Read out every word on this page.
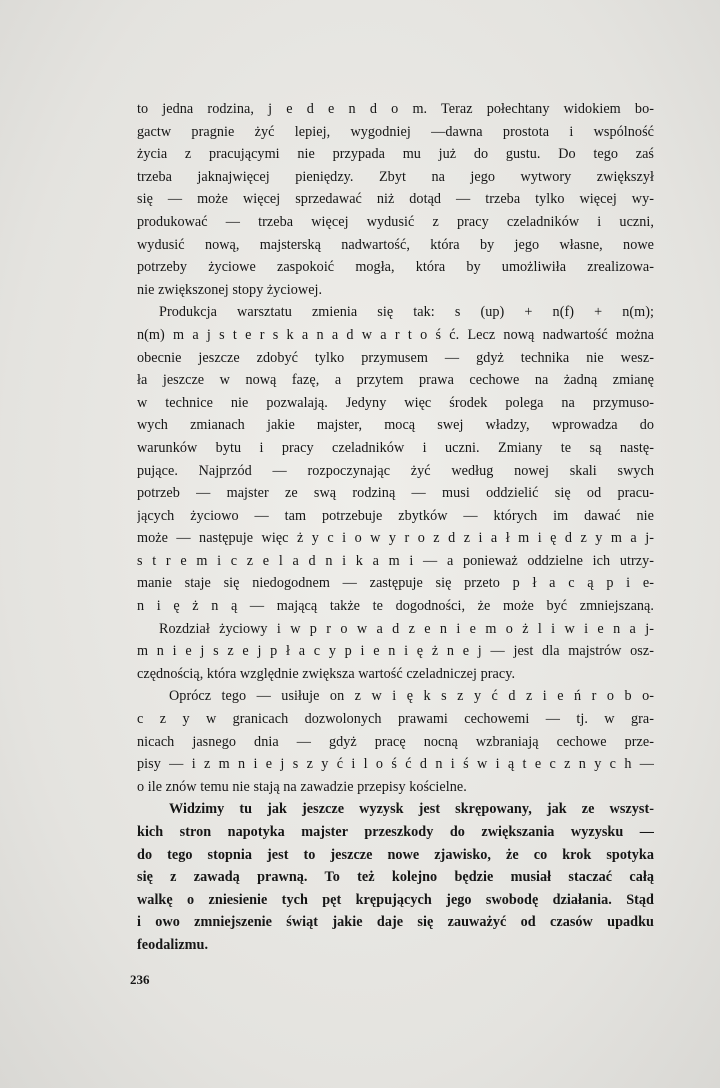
to jedna rodzina, j e d e n d o m. Teraz połechtany widokiem bo-
gactw pragnie żyć lepiej, wygodniej —dawna prostota i wspólność
życia z pracującymi nie przypada mu już do gustu. Do tego zaś
trzeba jaknajwięcej pieniędzy. Zbyt na jego wytwory zwiększył
się — może więcej sprzedawać niż dotąd — trzeba tylko więcej wy-
produkować — trzeba więcej wydusić z pracy czeladników i uczni,
wydusić nową, majsterską nadwartość, która by jego własne, nowe
potrzeby życiowe zaspokoić mogła, która by umożliwiła zrealizowa-
nie zwiększonej stopy życiowej.
Produkcja warsztatu zmienia się tak: s (up) + n(f) + n(m);
n(m) m a j s t e r s k a n a d w a r t o ś ć. Lecz nową nadwartość można
obecnie jeszcze zdobyć tylko przymusem — gdyż technika nie wesz-
ła jeszcze w nową fazę, a przytem prawa cechowe na żadną zmianę
w technice nie pozwalają. Jedyny więc środek polega na przymuso-
wych zmianach jakie majster, mocą swej władzy, wprowadza do
warunków bytu i pracy czeladników i uczni. Zmiany te są nastę-
pujące. Najprzód — rozpoczynając żyć według nowej skali swych
potrzeb — majster ze swą rodziną — musi oddzielić się od pracu-
jących życiowo — tam potrzebuje zbytków — których im dawać nie
może — następuje więc ż y c i o w y r o z d z i a ł m i ę d z y m a j-
s t r e m i c z e l a d n i k a m i — a ponieważ oddzielne ich utrzy-
manie staje się niedogodnem — zastępuje się przeto p ł a c ą p i e-
n i ę ż n ą — mającą także te dogodności, że może być zmniejszaną.
Rozdział życiowy i w p r o w a d z e n i e m o ż l i w i e n a j-
m n i e j s z e j p ł a c y p i e n i ę ż n e j — jest dla majstrów osz-
czędnością, która względnie zwiększa wartość czeladniczej pracy.
Oprócz tego — usiłuje on z w i ę k s z y ć d z i e ń r o b o-
c z y w granicach dozwolonych prawami cechowemi — tj. w gra-
nicach jasnego dnia — gdyż pracę nocną wzbraniają cechowe prze-
pisy — i z m n i e j s z y ć i l o ś ć d n i ś w i ą t e c z n y c h —
o ile znów temu nie stają na zawadzie przepisy kościelne.
Widzimy tu jak jeszcze wyzysk jest skrępowany, jak ze wszyst-
kich stron napotyka majster przeszkody do zwiększania wyzysku —
do tego stopnia jest to jeszcze nowe zjawisko, że co krok spotyka
się z zawadą prawną. To też kolejno będzie musiał staczać całą
walkę o zniesienie tych pęt krępujących jego swobodę działania. Stąd
i owo zmniejszenie świąt jakie daje się zauważyć od czasów upadku
feodalizmu.
236
